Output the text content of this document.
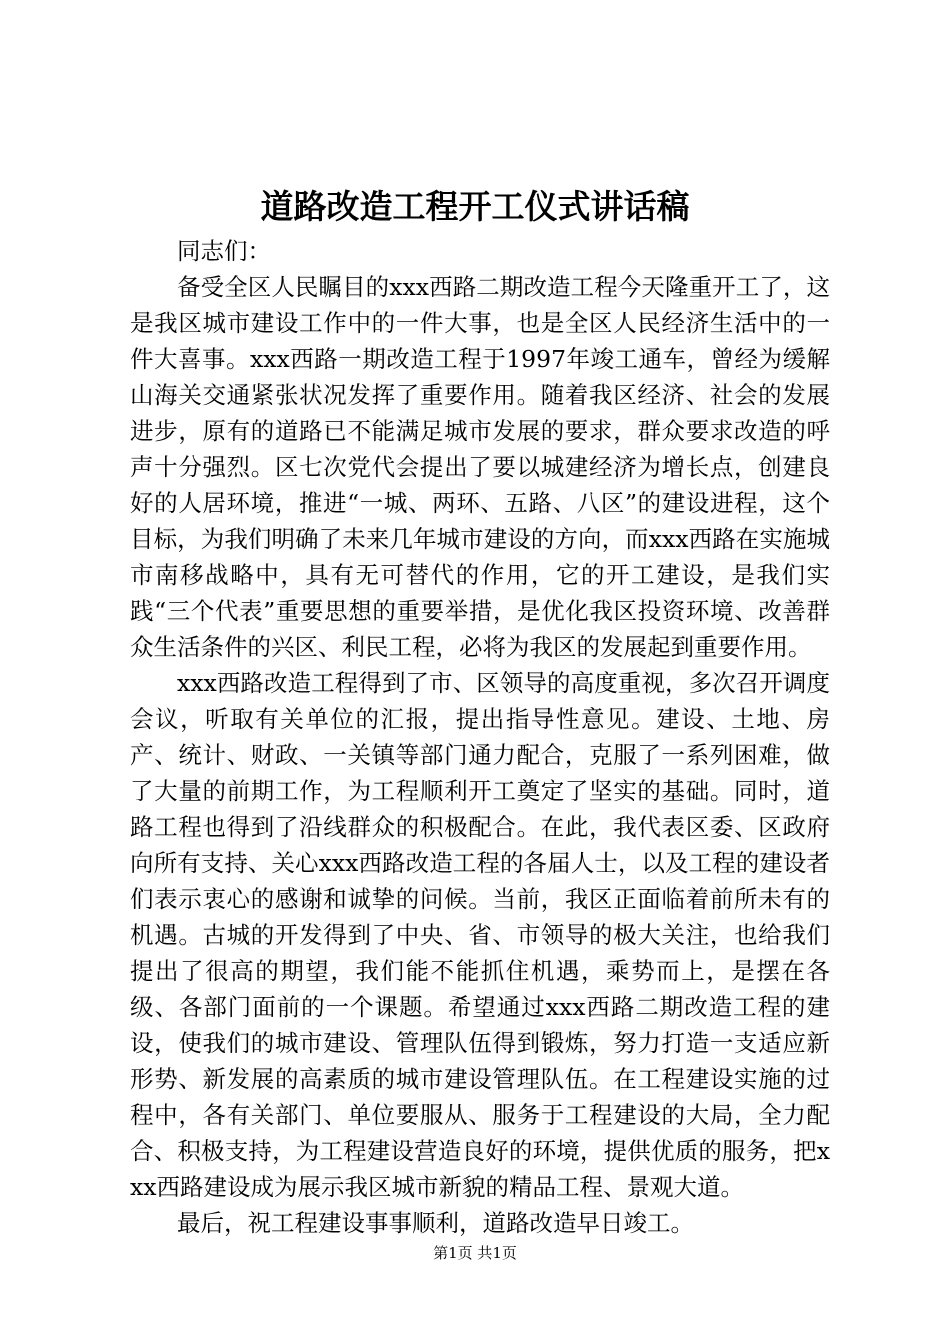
道路改造工程开工仪式讲话稿

同志们：

备受全区人民瞩目的xxx西路二期改造工程今天隆重开工了，这是我区城市建设工作中的一件大事，也是全区人民经济生活中的一件大喜事。xxx西路一期改造工程于1997年竣工通车，曾经为缓解山海关交通紧张状况发挥了重要作用。随着我区经济、社会的发展进步，原有的道路已不能满足城市发展的要求，群众要求改造的呼声十分强烈。区七次党代会提出了要以城建经济为增长点，创建良好的人居环境，推进“一城、两环、五路、八区”的建设进程，这个目标，为我们明确了未来几年城市建设的方向，而xxx西路在实施城市南移战略中，具有无可替代的作用，它的开工建设，是我们实践“三个代表”重要思想的重要举措，是优化我区投资环境、改善群众生活条件的兴区、利民工程，必将为我区的发展起到重要作用。

xxx西路改造工程得到了市、区领导的高度重视，多次召开调度会议，听取有关单位的汇报，提出指导性意见。建设、土地、房产、统计、财政、一关镇等部门通力配合，克服了一系列困难，做了大量的前期工作，为工程顺利开工奠定了坚实的基础。同时，道路工程也得到了沿线群众的积极配合。在此，我代表区委、区政府向所有支持、关心xxx西路改造工程的各届人士，以及工程的建设者们表示衷心的感谢和诚挚的问候。当前，我区正面临着前所未有的机遇。古城的开发得到了中央、省、市领导的极大关注，也给我们提出了很高的期望，我们能不能抓住机遇，乘势而上，是摆在各级、各部门面前的一个课题。希望通过xxx西路二期改造工程的建设，使我们的城市建设、管理队伍得到锻炼，努力打造一支适应新形势、新发展的高素质的城市建设管理队伍。在工程建设实施的过程中，各有关部门、单位要服从、服务于工程建设的大局，全力配合、积极支持，为工程建设营造良好的环境，提供优质的服务，把xxx西路建设成为展示我区城市新貌的精品工程、景观大道。

最后，祝工程建设事事顺利，道路改造早日竣工。

第1页 共1页
